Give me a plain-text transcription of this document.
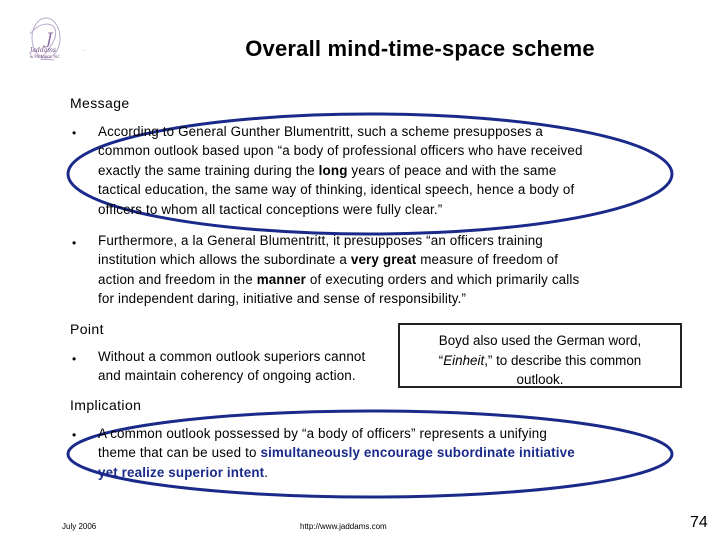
J
Jaddams
& Partners, Inc.
...	Overall mind-time-space scheme
Message
• According to General Gunther Blumentritt, such a scheme presupposes a
common outlook based upon “a body of professional officers who have received
exactly the same training during the long years of peace and with the same
tactical education, the same way of thinking, identical speech, hence a body of
officers to whom all tactical conceptions were fully clear.”
• Furthermore, a la General Blumentritt, it presupposes “an officers training
institution which allows the subordinate a very great measure of freedom of
action and freedom in the manner of executing orders and which primarily calls
for independent daring, initiative and sense of responsibility.”
Point
• Without a common outlook superiors cannot
and maintain coherency of ongoing action.
Boyd also used the German word,
“Einheit,” to describe this common
outlook.
Implication
• A common outlook possessed by “a body of officers” represents a unifying
theme that can be used to simultaneously encourage subordinate initiative
yet realize superior intent.
July 2006	http://www.jaddams.com	74
